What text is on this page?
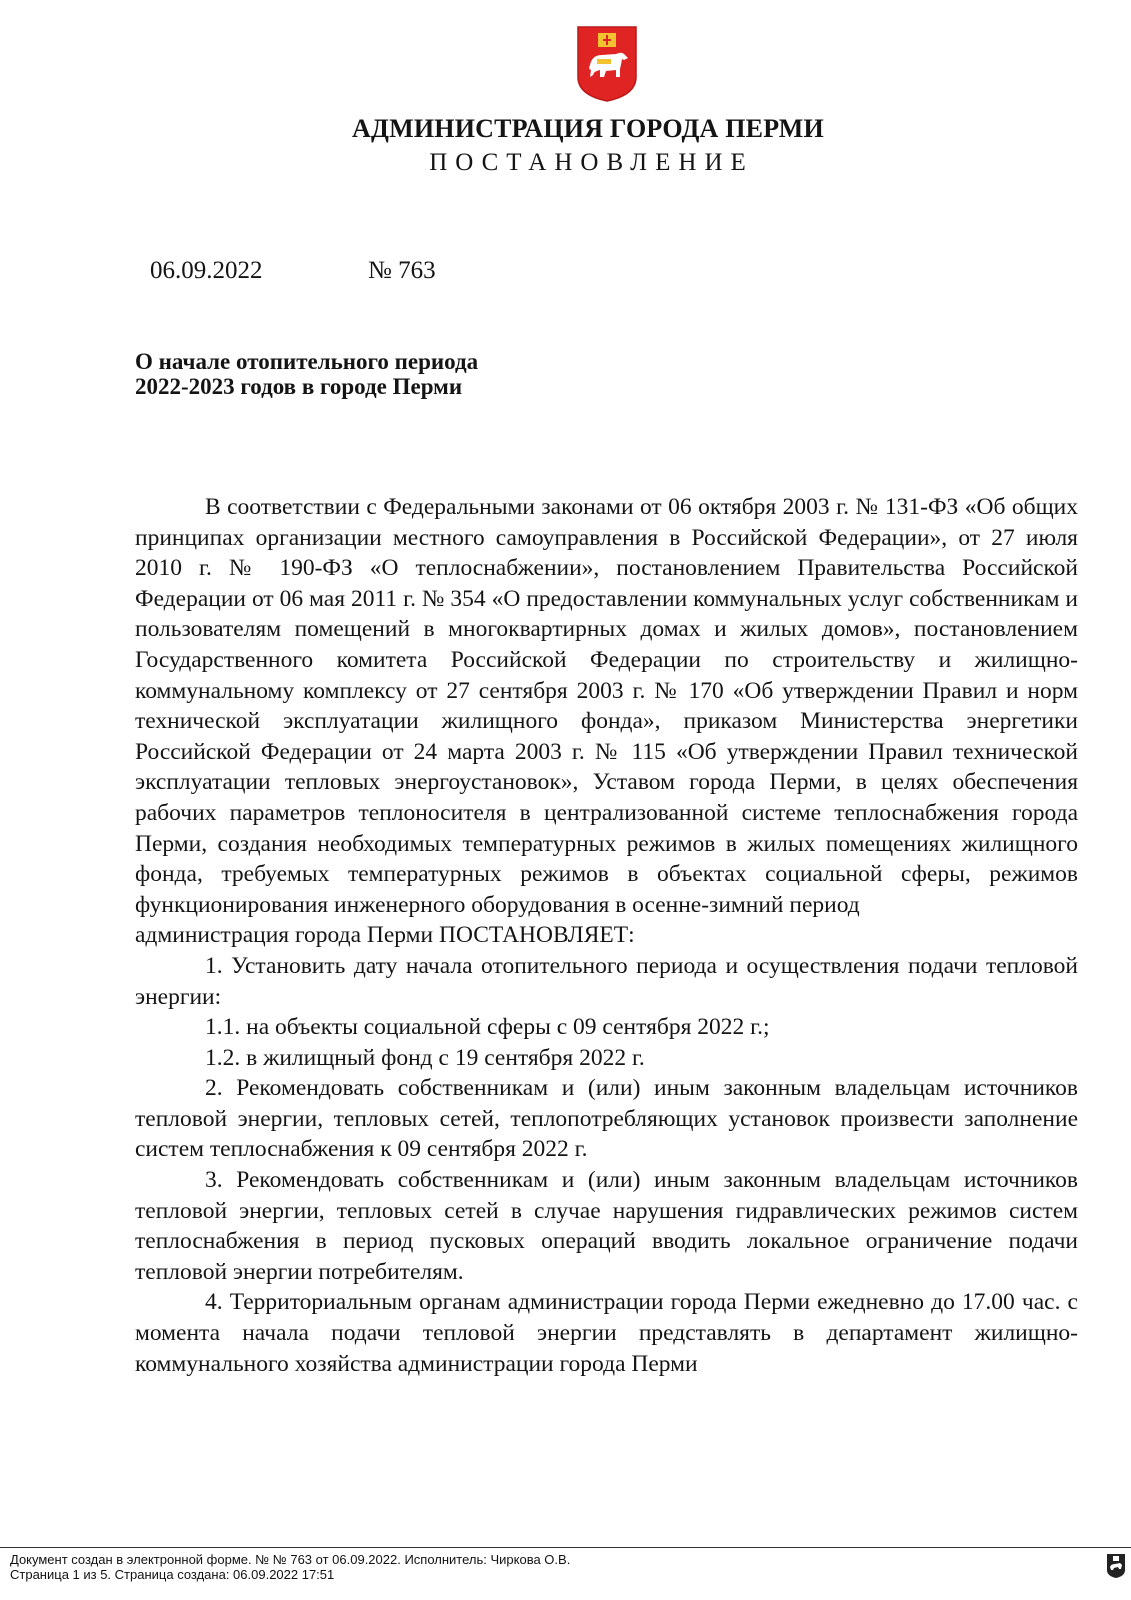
АДМИНИСТРАЦИЯ ГОРОДА ПЕРМИ
ПОСТАНОВЛЕНИЕ
06.09.2022	№ 763
О начале отопительного периода
2022-2023 годов в городе Перми

В соответствии с Федеральными законами от 06 октября 2003 г. № 131-ФЗ «Об общих принципах организации местного самоуправления в Российской Федерации», от 27 июля 2010 г. № 190-ФЗ «О теплоснабжении», постановлением Правительства Российской Федерации от 06 мая 2011 г. № 354 «О предоставлении коммунальных услуг собственникам и пользователям помещений в многоквартирных домах и жилых домов», постановлением Государственного комитета Российской Федерации по строительству и жилищно-коммунальному комплексу от 27 сентября 2003 г. № 170 «Об утверждении Правил и норм технической эксплуатации жилищного фонда», приказом Министерства энергетики Российской Федерации от 24 марта 2003 г. № 115 «Об утверждении Правил технической эксплуатации тепловых энергоустановок», Уставом города Перми, в целях обеспечения рабочих параметров теплоносителя в централизованной системе теплоснабжения города Перми, создания необходимых температурных режимов в жилых помещениях жилищного фонда, требуемых температурных режимов в объектах социальной сферы, режимов функционирования инженерного оборудования в осенне-зимний период

администрация города Перми ПОСТАНОВЛЯЕТ:

1. Установить дату начала отопительного периода и осуществления подачи тепловой энергии:

1.1. на объекты социальной сферы с 09 сентября 2022 г.;

1.2. в жилищный фонд с 19 сентября 2022 г.

2. Рекомендовать собственникам и (или) иным законным владельцам источников тепловой энергии, тепловых сетей, теплопотребляющих установок произвести заполнение систем теплоснабжения к 09 сентября 2022 г.

3. Рекомендовать собственникам и (или) иным законным владельцам источников тепловой энергии, тепловых сетей в случае нарушения гидравлических режимов систем теплоснабжения в период пусковых операций вводить локальное ограничение подачи тепловой энергии потребителям.

4. Территориальным органам администрации города Перми ежедневно до 17.00 час. с момента начала подачи тепловой энергии представлять в департамент жилищно-коммунального хозяйства администрации города Перми

Документ создан в электронной форме. № № 763 от 06.09.2022. Исполнитель: Чиркова О.В.
Страница 1 из 5. Страница создана: 06.09.2022 17:51
